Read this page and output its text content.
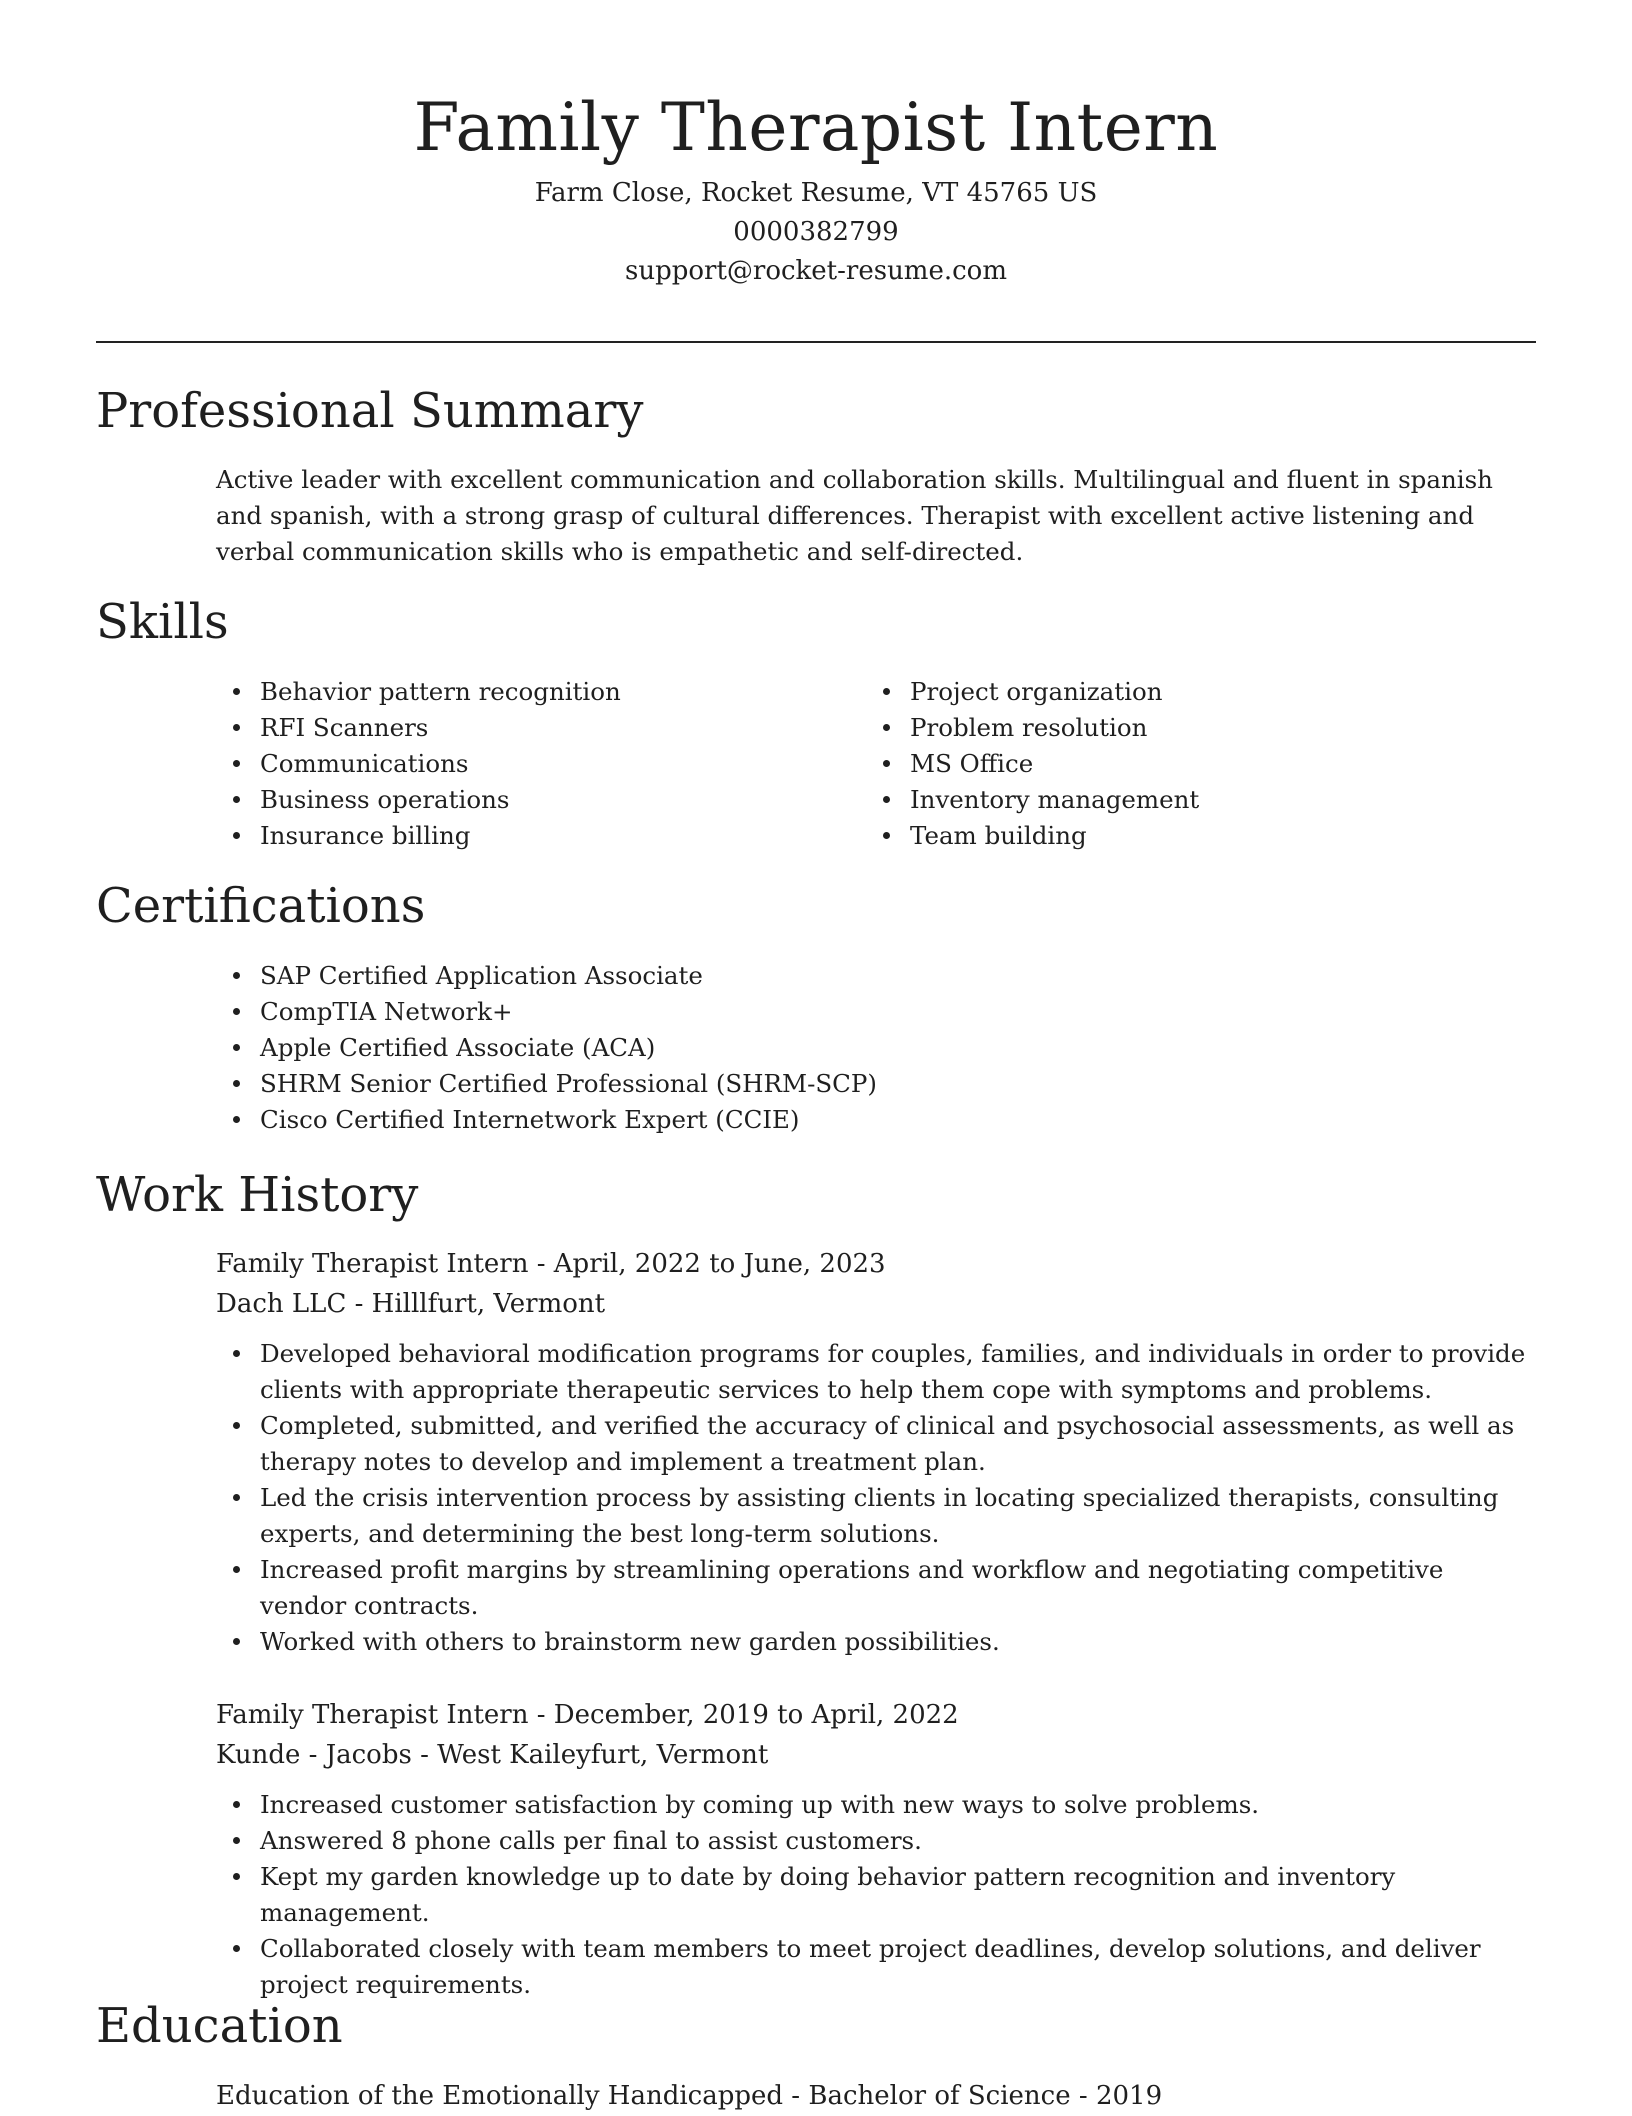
Family Therapist Intern

Farm Close, Rocket Resume, VT 45765 US

0000382799

support@rocket-resume.com

Professional Summary

Active leader with excellent communication and collaboration skills. Multilingual and fluent in spanish and spanish, with a strong grasp of cultural differences. Therapist with excellent active listening and verbal communication skills who is empathetic and self-directed.

Skills
Behavior pattern recognition
RFI Scanners
Communications
Business operations
Insurance billing
Project organization
Problem resolution
MS Office
Inventory management
Team building
Certifications
SAP Certified Application Associate
CompTIA Network+
Apple Certified Associate (ACA)
SHRM Senior Certified Professional (SHRM-SCP)
Cisco Certified Internetwork Expert (CCIE)
Work History

Family Therapist Intern - April, 2022 to June, 2023

Dach LLC - Hilllfurt, Vermont

Developed behavioral modification programs for couples, families, and individuals in order to provide clients with appropriate therapeutic services to help them cope with symptoms and problems.
Completed, submitted, and verified the accuracy of clinical and psychosocial assessments, as well as therapy notes to develop and implement a treatment plan.
Led the crisis intervention process by assisting clients in locating specialized therapists, consulting experts, and determining the best long-term solutions.
Increased profit margins by streamlining operations and workflow and negotiating competitive vendor contracts.
Worked with others to brainstorm new garden possibilities.

Family Therapist Intern - December, 2019 to April, 2022

Kunde - Jacobs - West Kaileyfurt, Vermont

Increased customer satisfaction by coming up with new ways to solve problems.
Answered 8 phone calls per final to assist customers.
Kept my garden knowledge up to date by doing behavior pattern recognition and inventory management.
Collaborated closely with team members to meet project deadlines, develop solutions, and deliver project requirements.
Education

Education of the Emotionally Handicapped - Bachelor of Science - 2019
